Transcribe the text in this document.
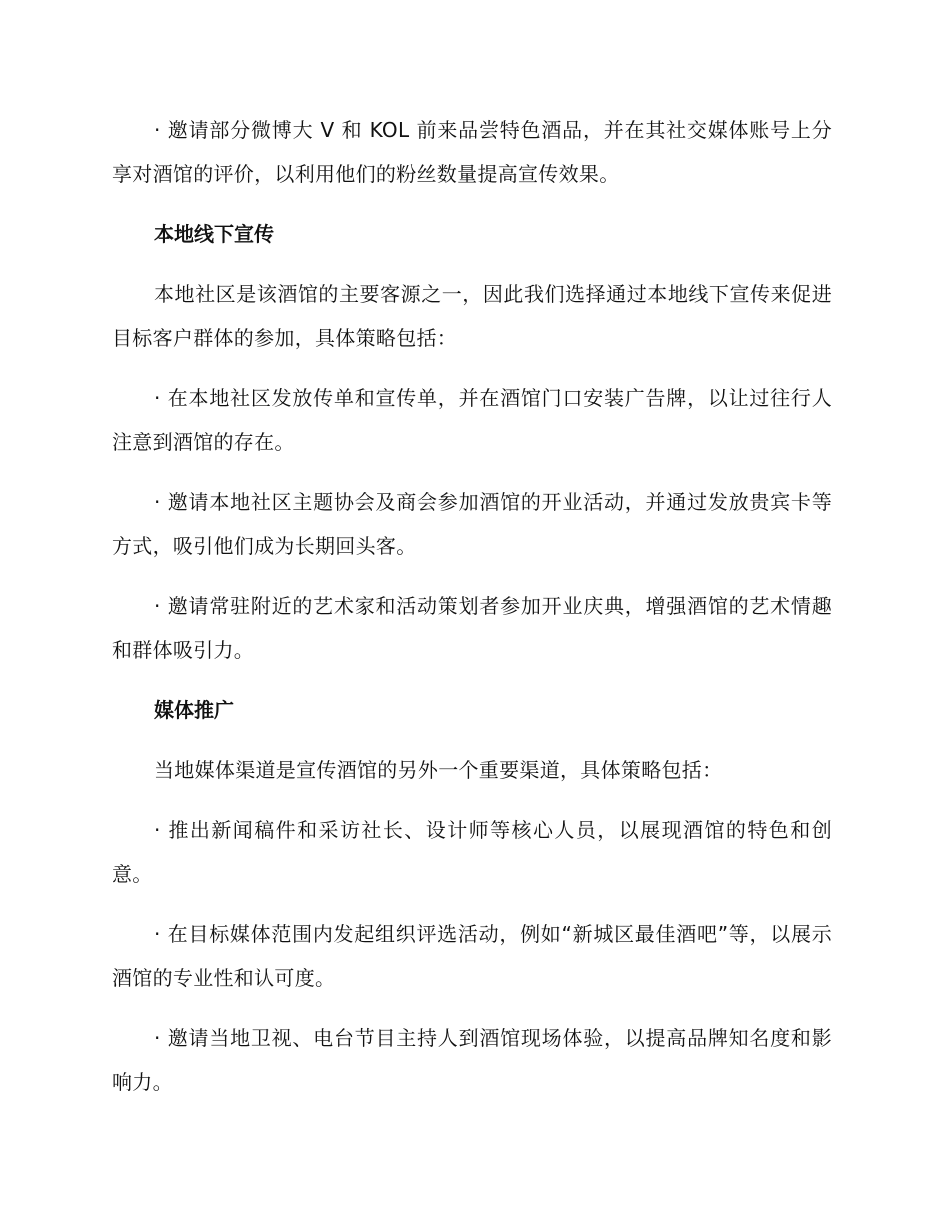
· 邀请部分微博大 V 和 KOL 前来品尝特色酒品，并在其社交媒体账号上分享对酒馆的评价，以利用他们的粉丝数量提高宣传效果。

本地线下宣传

本地社区是该酒馆的主要客源之一，因此我们选择通过本地线下宣传来促进目标客户群体的参加，具体策略包括：

· 在本地社区发放传单和宣传单，并在酒馆门口安装广告牌，以让过往行人注意到酒馆的存在。

· 邀请本地社区主题协会及商会参加酒馆的开业活动，并通过发放贵宾卡等方式，吸引他们成为长期回头客。

· 邀请常驻附近的艺术家和活动策划者参加开业庆典，增强酒馆的艺术情趣和群体吸引力。

媒体推广

当地媒体渠道是宣传酒馆的另外一个重要渠道，具体策略包括：

· 推出新闻稿件和采访社长、设计师等核心人员，以展现酒馆的特色和创意。

· 在目标媒体范围内发起组织评选活动，例如“新城区最佳酒吧”等，以展示酒馆的专业性和认可度。

· 邀请当地卫视、电台节目主持人到酒馆现场体验，以提高品牌知名度和影响力。
